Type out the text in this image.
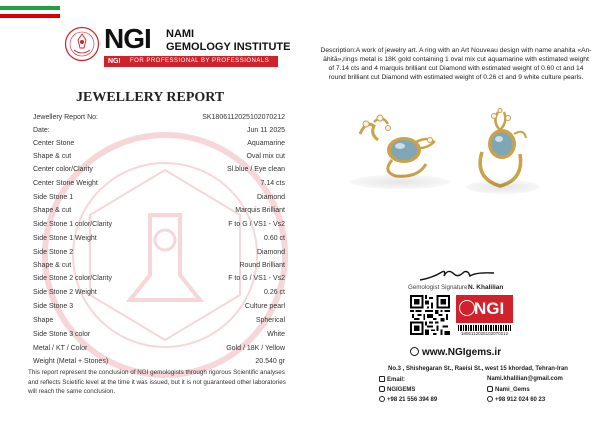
NGI NAMI
GEMOLOGY INSTITUTE
NGI FOR PROFESSIONAL BY PROFESSIONALS
JEWELLERY REPORT
Jewellery Report No:	SK1806112025102070212
Date:	Jun 11 2025
Center Stone	Aquamarine
Shape & cut	Oval mix cut
Center color/Clarity	Sl.blue / Eye clean
Center Stone Weight	7.14 cts
Side Stone 1	Diamond
Shape & cut	Marquis Brilliant
Side Stone 1 color/Clarity	F to G / VS1 - Vs2
Side Stone 1 Weight	0.60 ct
Side Stone 2	Diamond
Shape & cut	Round Brilliant
Side Stone 2 color/Clarity	F to G / VS1 - Vs2
Side Stone 2 Weight	0.26 ct
Side Stone 3	Culture pearl
Shape	Spherical
Side Stone 3 color	White
Metal / KT / Color	Gold / 18K / Yellow
Weight (Metal + Stones)	20.540 gr
This report represent the conclusion of NGI gemologists through rigorous Scientific analyses and reflects Scietific level at the time it was issued, but it is not guaranteed other laboratories will reach the same conclusion.
Description:A work of jewelry art. A ring with an Art Nouveau design with name anahita «An-āhitā»,rings metal is 18K gold containing 1 oval mix cut aquamarine with estimated weight of 7.14 cts and 4 marquis brilliant cut Diamond with estimated weight of 0.60 ct and 14 round brilliant cut Diamond with estimated weight of 0.26 ct and 9 white culture pearls.
Gemologist Signature:
N. Khalilian
NGI
1806112025102070212
www.NGIgems.ir
No.3 , Shishegaran St., Raeisi St., west 15 khordad, Tehran-Iran
Email:	Nami.khalilian@gmail.com
NGIGEMS	Nami_Gems
+98 21 556 394 89	+98 912 024 60 23
